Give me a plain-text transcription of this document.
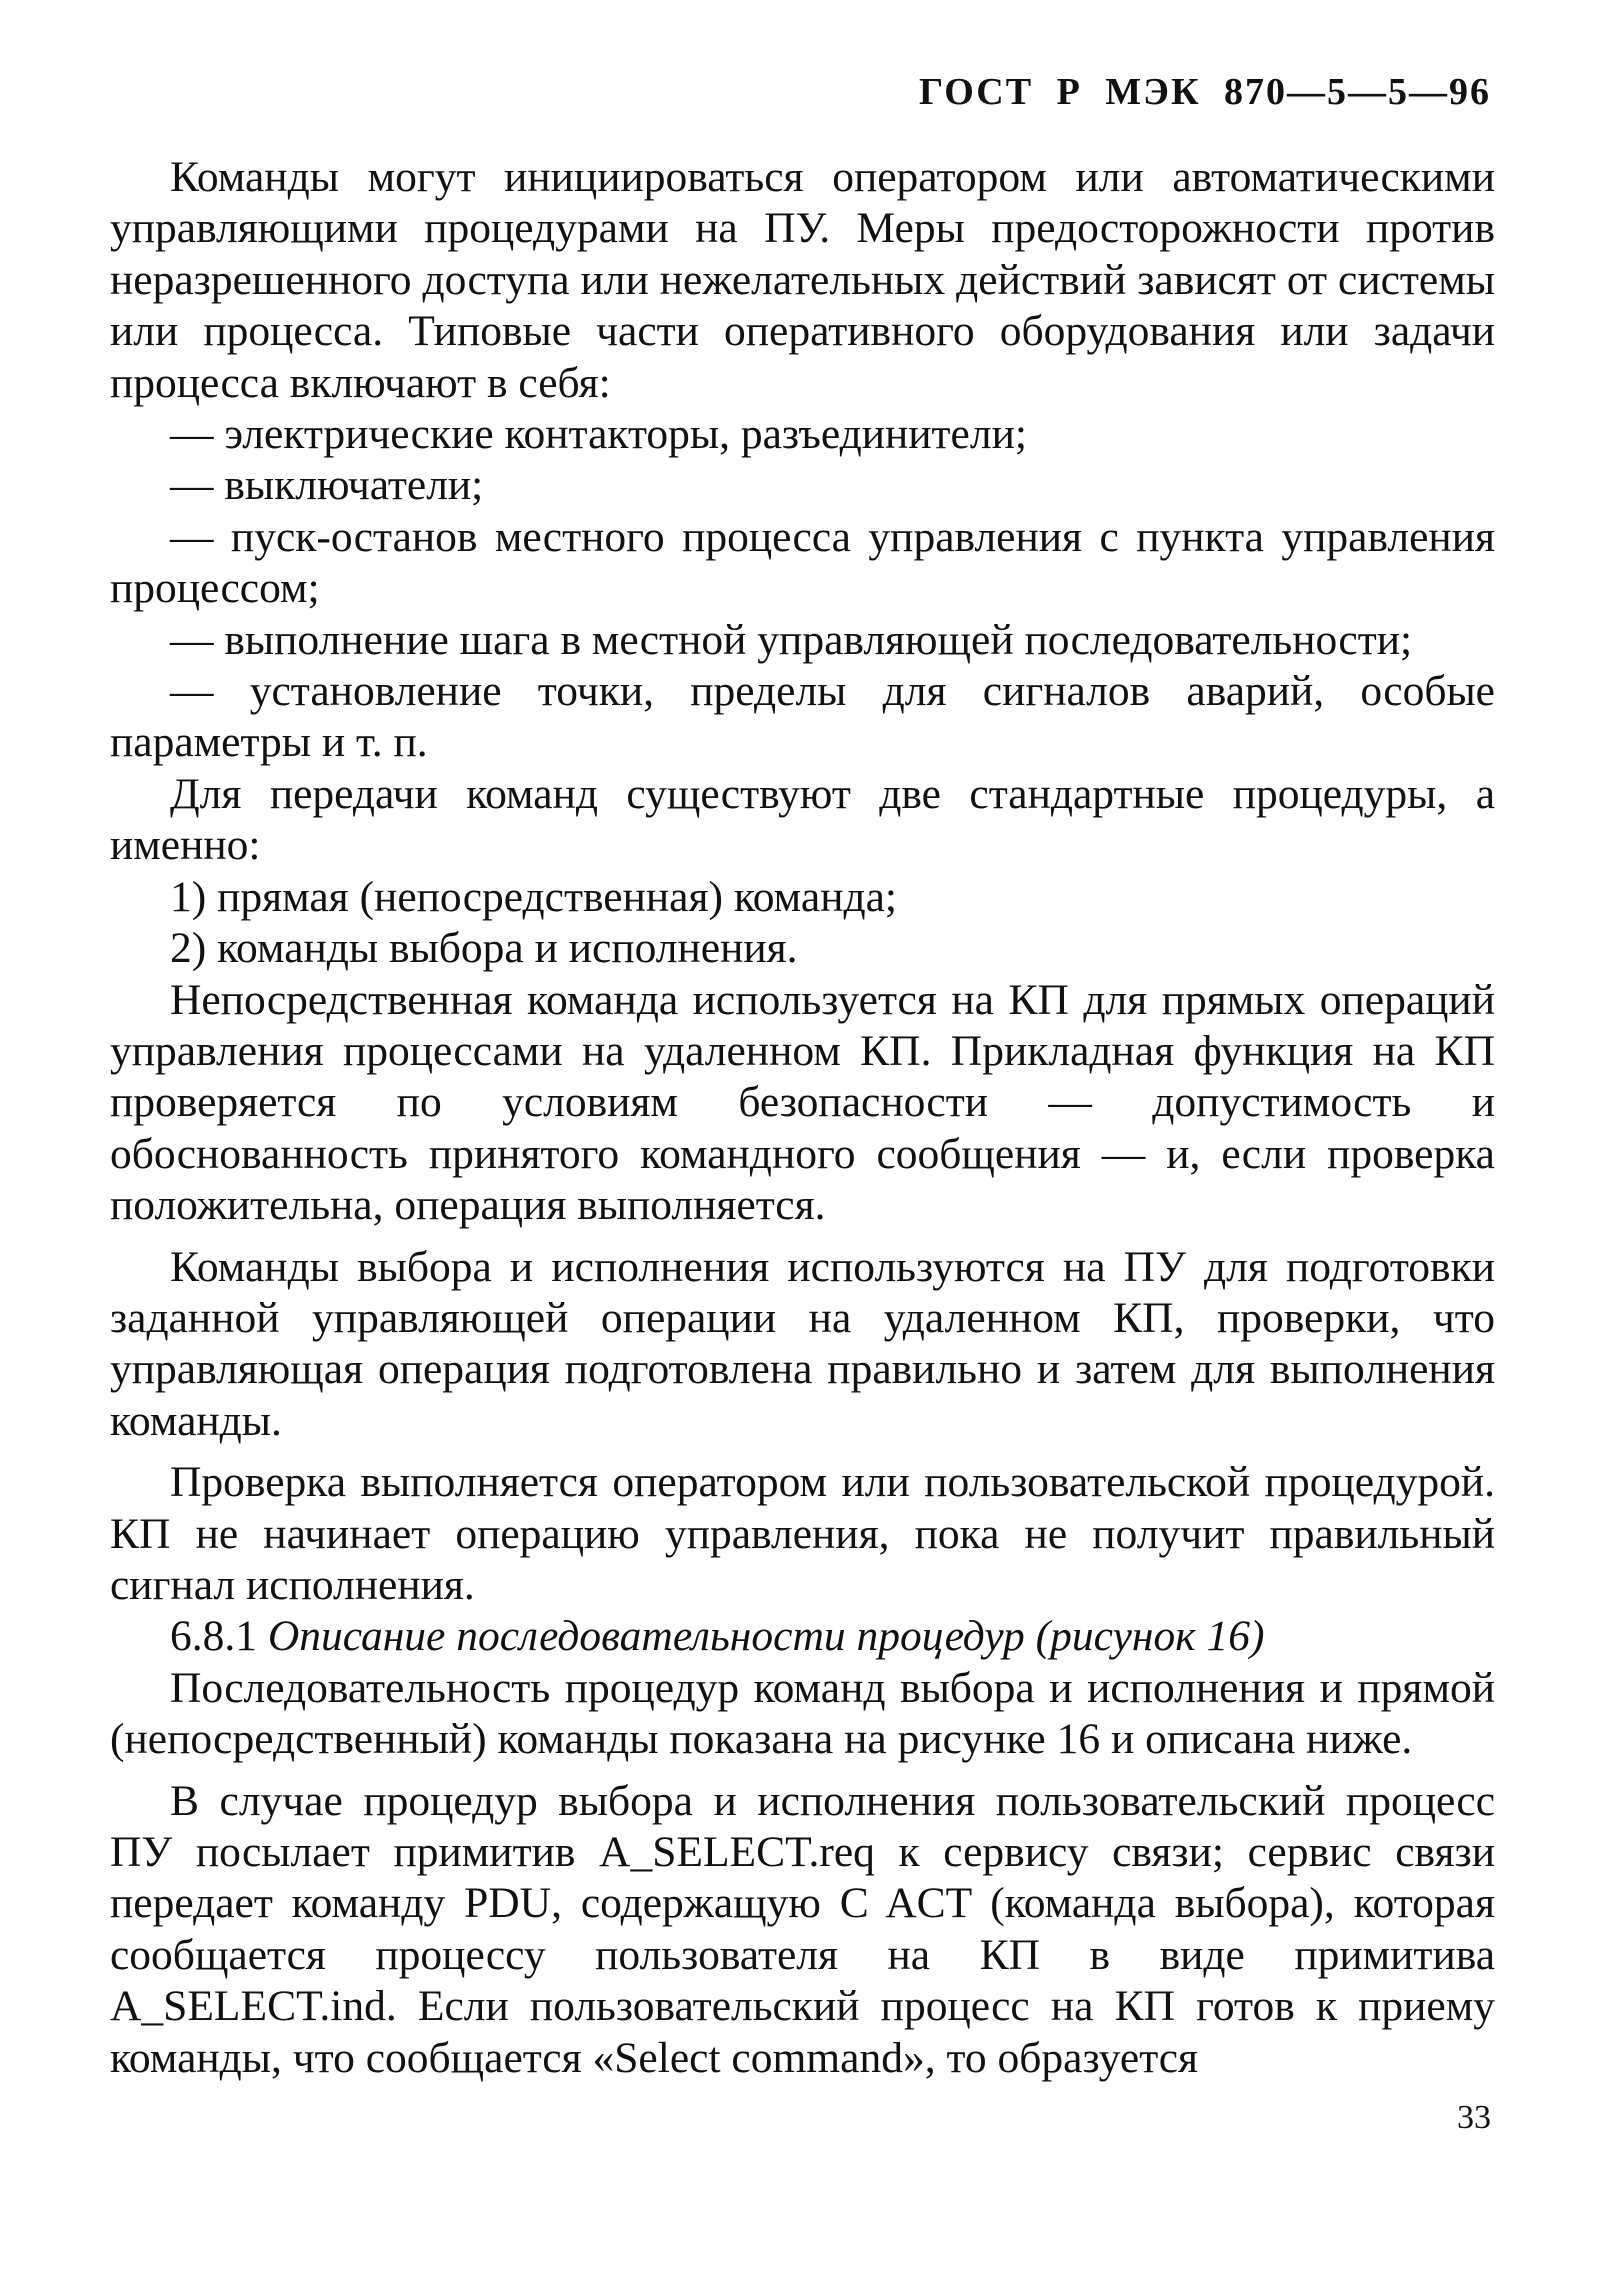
ГОСТ Р МЭК 870—5—5—96

Команды могут инициироваться оператором или автоматическими управляющими процедурами на ПУ. Меры предосторожности против неразрешенного доступа или нежелательных действий зависят от системы или процесса. Типовые части оперативного оборудования или задачи процесса включают в себя:

— электрические контакторы, разъединители;

— выключатели;

— пуск-останов местного процесса управления с пункта управления процессом;

— выполнение шага в местной управляющей последовательности;

— установление точки, пределы для сигналов аварий, особые параметры и т. п.

Для передачи команд существуют две стандартные процедуры, а именно:

1) прямая (непосредственная) команда;

2) команды выбора и исполнения.

Непосредственная команда используется на КП для прямых операций управления процессами на удаленном КП. Прикладная функция на КП проверяется по условиям безопасности — допустимость и обоснованность принятого командного сообщения — и, если проверка положительна, операция выполняется.

Команды выбора и исполнения используются на ПУ для подготовки заданной управляющей операции на удаленном КП, проверки, что управляющая операция подготовлена правильно и затем для выполнения команды.

Проверка выполняется оператором или пользовательской процедурой. КП не начинает операцию управления, пока не получит правильный сигнал исполнения.

6.8.1 Описание последовательности процедур (рисунок 16)

Последовательность процедур команд выбора и исполнения и прямой (непосредственный) команды показана на рисунке 16 и описана ниже.

В случае процедур выбора и исполнения пользовательский процесс ПУ посылает примитив A_SELECT.req к сервису связи; сервис связи передает команду PDU, содержащую C ACT (команда выбора), которая сообщается процессу пользователя на КП в виде примитива A_SELECT.ind. Если пользовательский процесс на КП готов к приему команды, что сообщается «Select command», то образуется

33
